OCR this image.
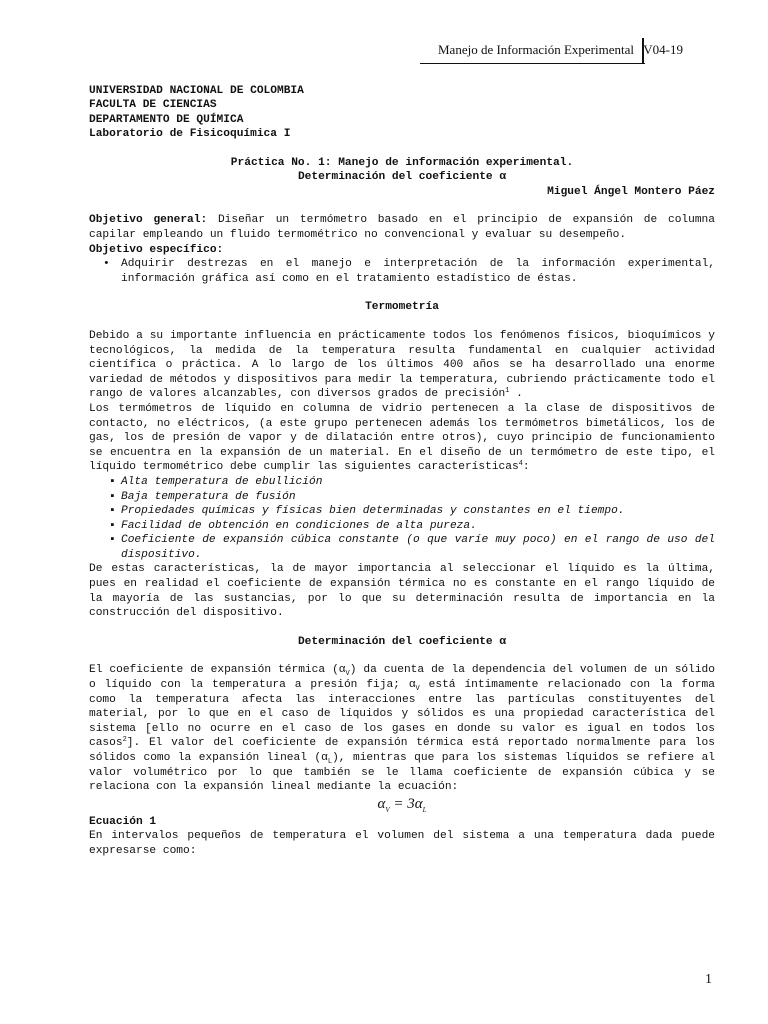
Manejo de Información Experimental V04-19
UNIVERSIDAD NACIONAL DE COLOMBIA
FACULTA DE CIENCIAS
DEPARTAMENTO DE QUÍMICA
Laboratorio de Fisicoquímica I

Práctica No. 1: Manejo de información experimental.

Determinación del coeficiente α

Miguel Ángel Montero Páez

Objetivo general: Diseñar un termómetro basado en el principio de expansión de columna capilar empleando un fluido termométrico no convencional y evaluar su desempeño.

Objetivo específico:

• Adquirir destrezas en el manejo e interpretación de la información experimental, información gráfica así como en el tratamiento estadístico de éstas.

Termometría

Debido a su importante influencia en prácticamente todos los fenómenos físicos, bioquímicos y tecnológicos, la medida de la temperatura resulta fundamental en cualquier actividad científica o práctica. A lo largo de los últimos 400 años se ha desarrollado una enorme variedad de métodos y dispositivos para medir la temperatura, cubriendo prácticamente todo el rango de valores alcanzables, con diversos grados de precisión$^1$ .

Los termómetros de líquido en columna de vidrio pertenecen a la clase de dispositivos de contacto, no eléctricos, (a este grupo pertenecen además los termómetros bimetálicos, los de gas, los de presión de vapor y de dilatación entre otros), cuyo principio de funcionamiento se encuentra en la expansión de un material. En el diseño de un termómetro de este tipo, el líquido termométrico debe cumplir las siguientes características$^4$:

▪ Alta temperatura de ebullición
▪ Baja temperatura de fusión
▪ Propiedades químicas y físicas bien determinadas y constantes en el tiempo.
▪ Facilidad de obtención en condiciones de alta pureza.
▪ Coeficiente de expansión cúbica constante (o que varíe muy poco) en el rango de uso del dispositivo.

De estas características, la de mayor importancia al seleccionar el líquido es la última, pues en realidad el coeficiente de expansión térmica no es constante en el rango líquido de la mayoría de las sustancias, por lo que su determinación resulta de importancia en la construcción del dispositivo.

Determinación del coeficiente α

El coeficiente de expansión térmica $(\alpha_V)$ da cuenta de la dependencia del volumen de un sólido o líquido con la temperatura a presión fija; $\alpha_V$ está íntimamente relacionado con la forma como la temperatura afecta las interacciones entre las partículas constituyentes del material, por lo que en el caso de líquidos y sólidos es una propiedad característica del sistema [ello no ocurre en el caso de los gases en donde su valor es igual en todos los casos$^2$]. El valor del coeficiente de expansión térmica está reportado normalmente para los sólidos como la expansión lineal $(\alpha_L)$, mientras que para los sistemas líquidos se refiere al valor volumétrico por lo que también se le llama coeficiente de expansión cúbica y se relaciona con la expansión lineal mediante la ecuación:

$\alpha_V = 3\alpha_L$

Ecuación 1

En intervalos pequeños de temperatura el volumen del sistema a una temperatura dada puede expresarse como:

1
